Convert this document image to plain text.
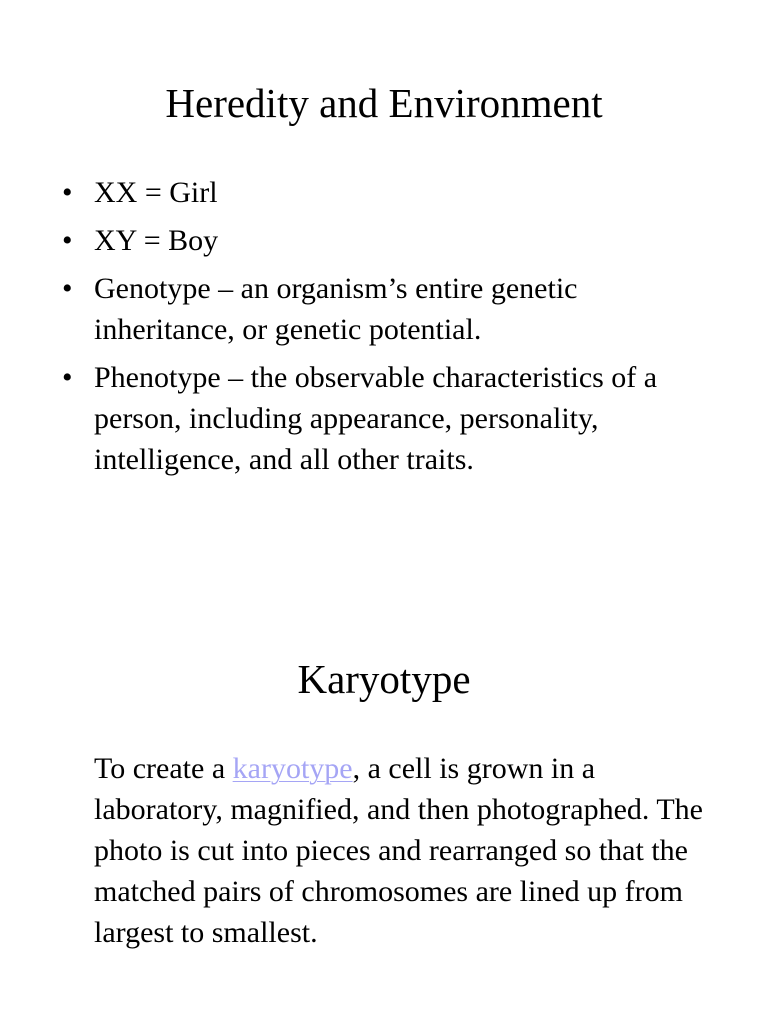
Heredity and Environment
• XX = Girl
• XY = Boy
• Genotype – an organism’s entire genetic inheritance, or genetic potential.
• Phenotype – the observable characteristics of a person, including appearance, personality, intelligence, and all other traits.
Karyotype

To create a karyotype, a cell is grown in a laboratory, magnified, and then photographed. The photo is cut into pieces and rearranged so that the matched pairs of chromosomes are lined up from largest to smallest.
